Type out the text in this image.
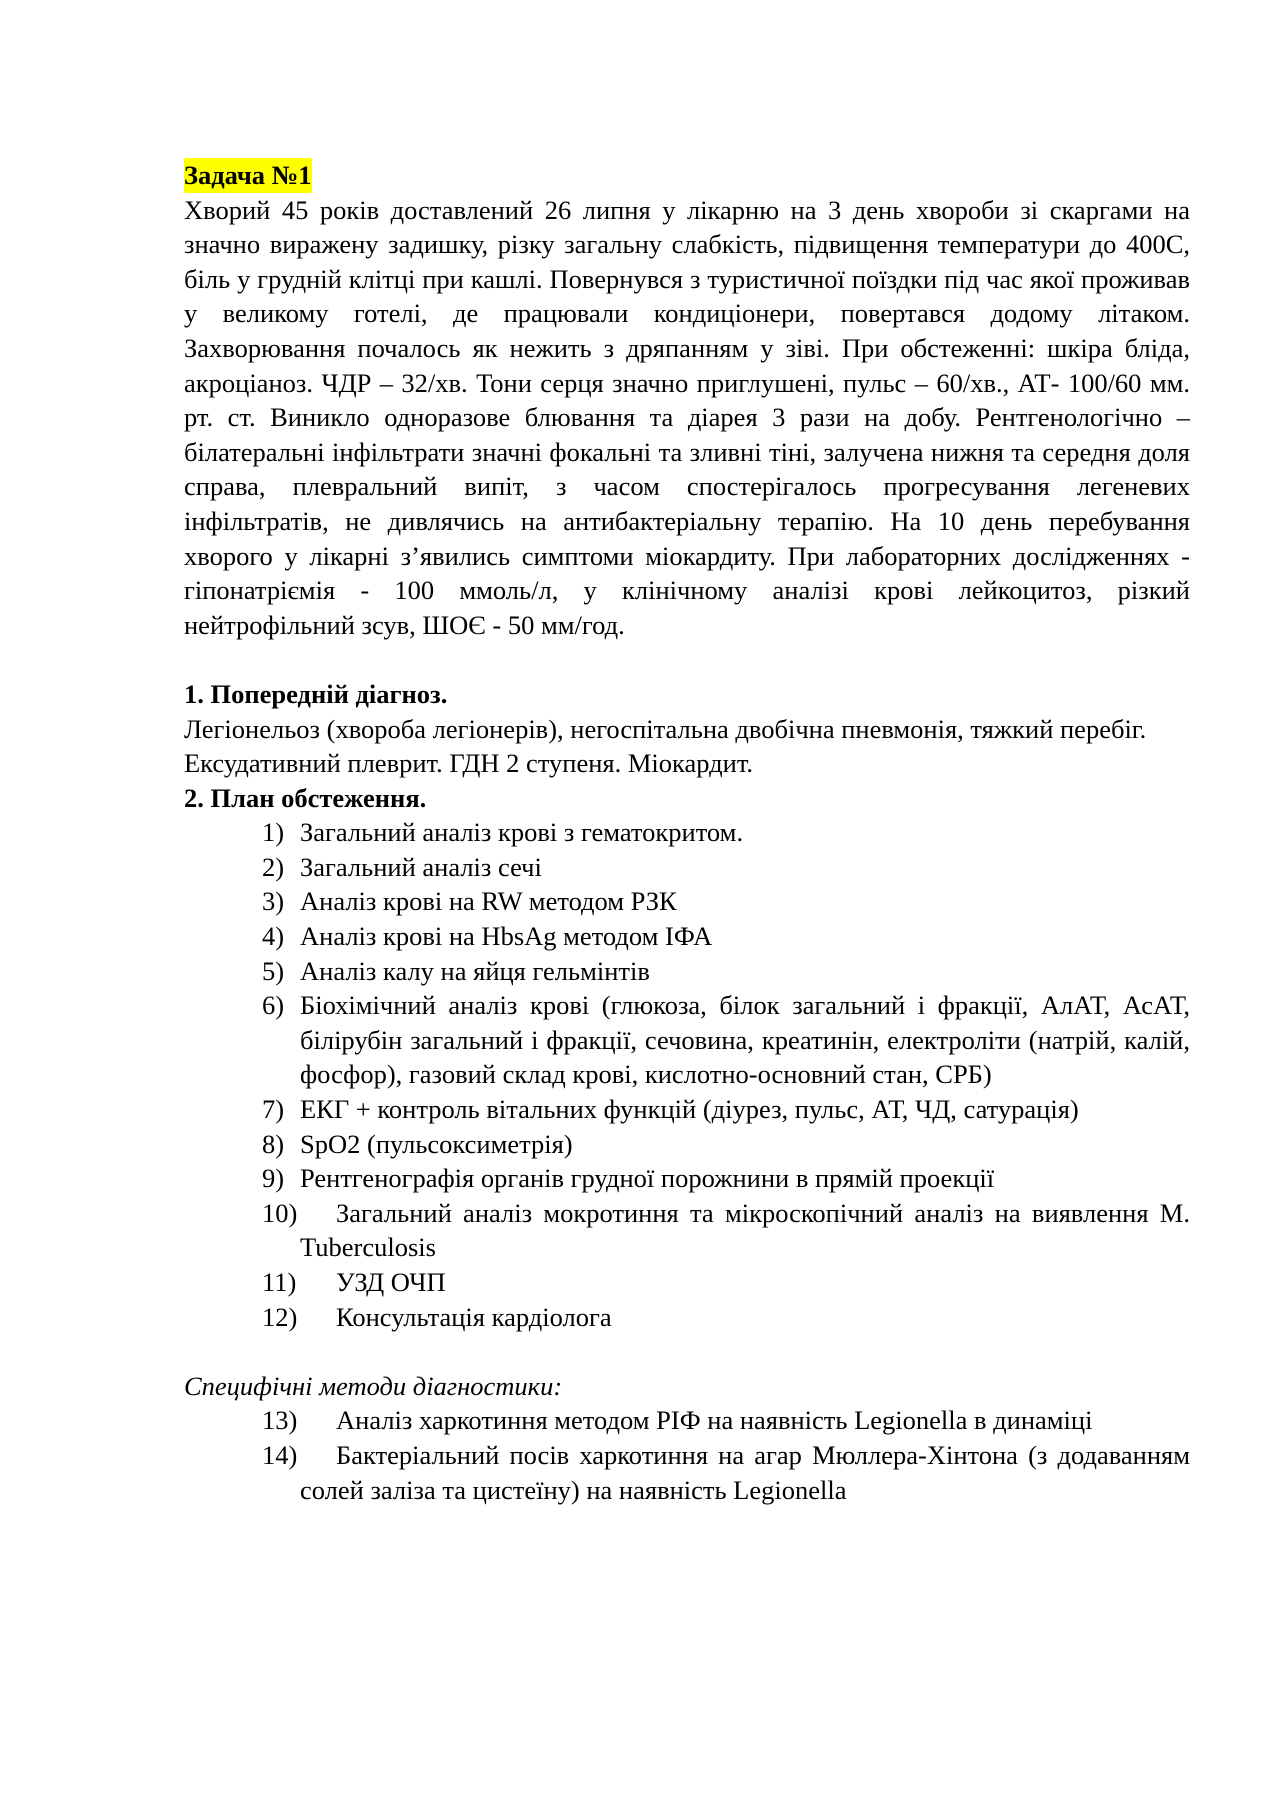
Задача №1

Хворий 45 років доставлений 26 липня у лікарню на 3 день хвороби зі скаргами на значно виражену задишку, різку загальну слабкість, підвищення температури до 400С, біль у грудній клітці при кашлі. Повернувся з туристичної поїздки під час якої проживав у великому готелі, де працювали кондиціонери, повертався додому літаком. Захворювання почалось як нежить з дряпанням у зіві. При обстеженні: шкіра бліда, акроціаноз. ЧДР – 32/хв. Тони серця значно приглушені, пульс – 60/хв., АТ- 100/60 мм. рт. ст. Виникло одноразове блювання та діарея 3 рази на добу. Рентгенологічно – білатеральні інфільтрати значні фокальні та зливні тіні, залучена нижня та середня доля справа, плевральний випіт, з часом спостерігалось прогресування легеневих інфільтратів, не дивлячись на антибактеріальну терапію. На 10 день перебування хворого у лікарні з’явились симптоми міокардиту. При лабораторних дослідженнях - гіпонатріємія - 100 ммоль/л, у клінічному аналізі крові лейкоцитоз, різкий нейтрофільний зсув, ШОЄ - 50 мм/год.

1. Попередній діагноз.

Легіонельоз (хвороба легіонерів), негоспітальна двобічна пневмонія, тяжкий перебіг. Ексудативний плеврит. ГДН 2 ступеня. Міокардит.

2. План обстеження.

1) Загальний аналіз крові з гематокритом.
2) Загальний аналіз сечі
3) Аналіз крові на RW методом РЗК
4) Аналіз крові на HbsAg методом ІФА
5) Аналіз калу на яйця гельмінтів
6) Біохімічний аналіз крові (глюкоза, білок загальний і фракції, АлАТ, АсАТ, білірубін загальний і фракції, сечовина, креатинін, електроліти (натрій, калій, фосфор), газовий склад крові, кислотно-основний стан, СРБ)
7) ЕКГ + контроль вітальних функцій (діурез, пульс, АТ, ЧД, сатурація)
8) SpO2 (пульсоксиметрія)
9) Рентгенографія органів грудної порожнини в прямій проекції
10) Загальний аналіз мокротиння та мікроскопічний аналіз на виявлення M. Tuberculosis
11) УЗД ОЧП
12) Консультація кардіолога

Специфічні методи діагностики:

13) Аналіз харкотиння методом РІФ на наявність Legionella в динаміці
14) Бактеріальний посів харкотиння на агар Мюллера-Хінтона (з додаванням солей заліза та цистеїну) на наявність Legionella
